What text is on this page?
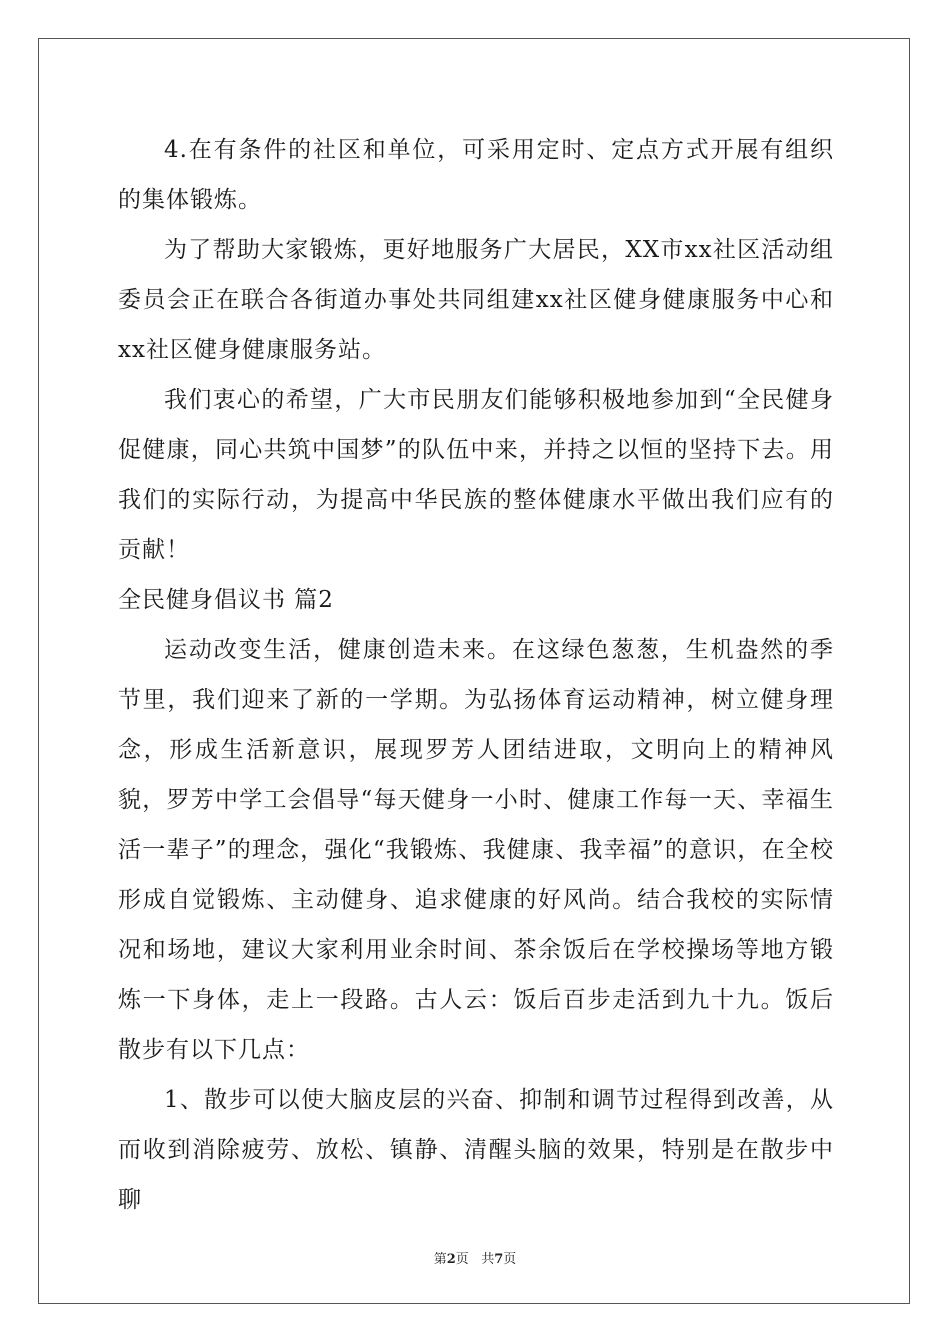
4.在有条件的社区和单位，可采用定时、定点方式开展有组织的集体锻炼。

为了帮助大家锻炼，更好地服务广大居民，XX市xx社区活动组委员会正在联合各街道办事处共同组建xx社区健身健康服务中心和xx社区健身健康服务站。

我们衷心的希望，广大市民朋友们能够积极地参加到“全民健身促健康，同心共筑中国梦”的队伍中来，并持之以恒的坚持下去。用我们的实际行动，为提高中华民族的整体健康水平做出我们应有的贡献！

全民健身倡议书 篇2

运动改变生活，健康创造未来。在这绿色葱葱，生机盎然的季节里，我们迎来了新的一学期。为弘扬体育运动精神，树立健身理念，形成生活新意识，展现罗芳人团结进取，文明向上的精神风貌，罗芳中学工会倡导“每天健身一小时、健康工作每一天、幸福生活一辈子”的理念，强化“我锻炼、我健康、我幸福”的意识，在全校形成自觉锻炼、主动健身、追求健康的好风尚。结合我校的实际情况和场地，建议大家利用业余时间、茶余饭后在学校操场等地方锻炼一下身体，走上一段路。古人云：饭后百步走活到九十九。饭后散步有以下几点：

1、散步可以使大脑皮层的兴奋、抑制和调节过程得到改善，从而收到消除疲劳、放松、镇静、清醒头脑的效果，特别是在散步中聊

第2页   共7页
